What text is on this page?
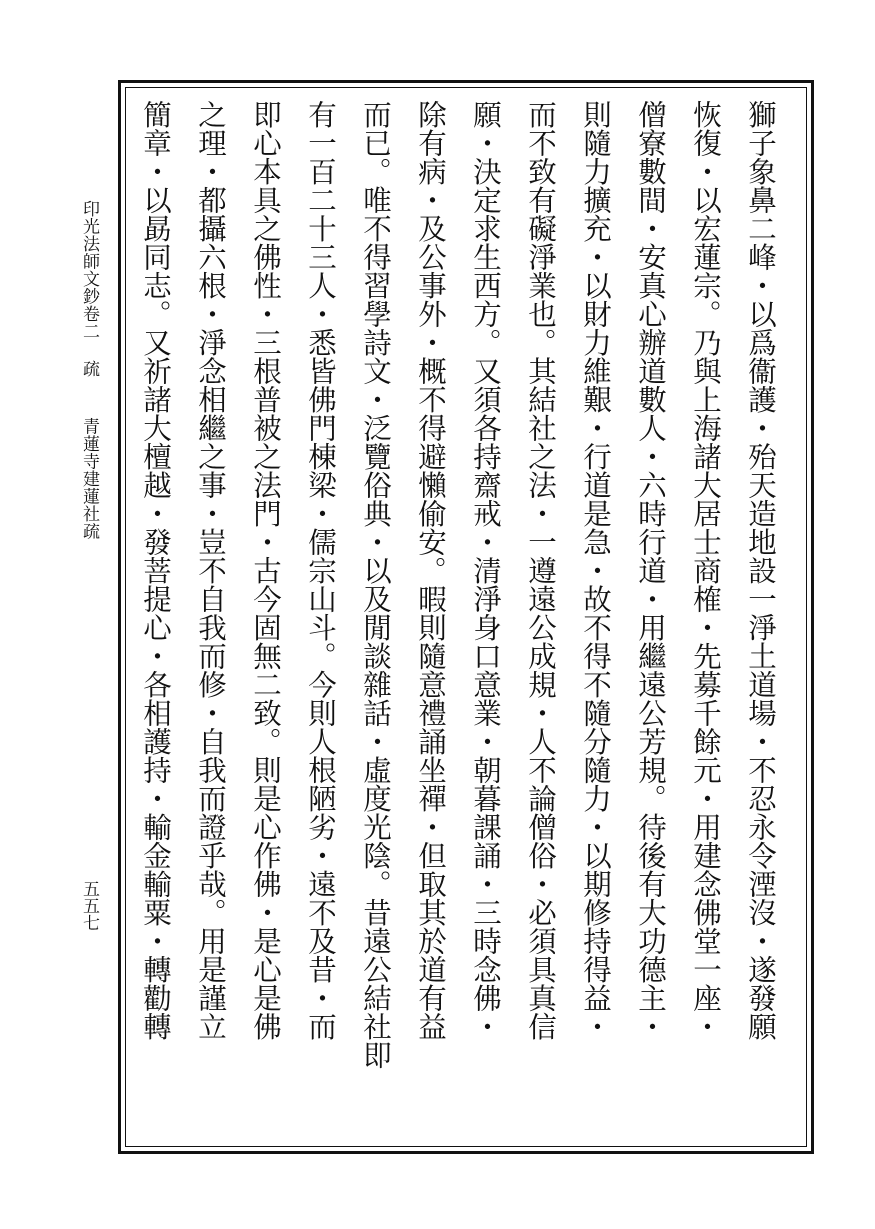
獅子象鼻二峰・以爲衞護・殆天造地設一淨土道場・不忍永令湮沒・遂發願
恢復・以宏蓮宗。乃與上海諸大居士商榷・先募千餘元・用建念佛堂一座・
僧寮數間・安真心辦道數人・六時行道・用繼遠公芳規。待後有大功德主・
則隨力擴充・以財力維艱・行道是急・故不得不隨分隨力・以期修持得益・
而不致有礙淨業也。其結社之法・一遵遠公成規・人不論僧俗・必須具真信
願・決定求生西方。又須各持齋戒・清淨身口意業・朝暮課誦・三時念佛・
除有病・及公事外・概不得避懶偷安。暇則隨意禮誦坐禪・但取其於道有益
而已。唯不得習學詩文・泛覽俗典・以及閒談雜話・虛度光陰。昔遠公結社即
有一百二十三人・悉皆佛門棟梁・儒宗山斗。今則人根陋劣・遠不及昔・而
即心本具之佛性・三根普被之法門・古今固無二致。則是心作佛・是心是佛
之理・都攝六根・淨念相繼之事・豈不自我而修・自我而證乎哉。用是謹立
簡章・以勗同志。又祈諸大檀越・發菩提心・各相護持・輸金輸粟・轉勸轉
印光法師文鈔卷二疏青蓮寺建蓮社疏
五五七
